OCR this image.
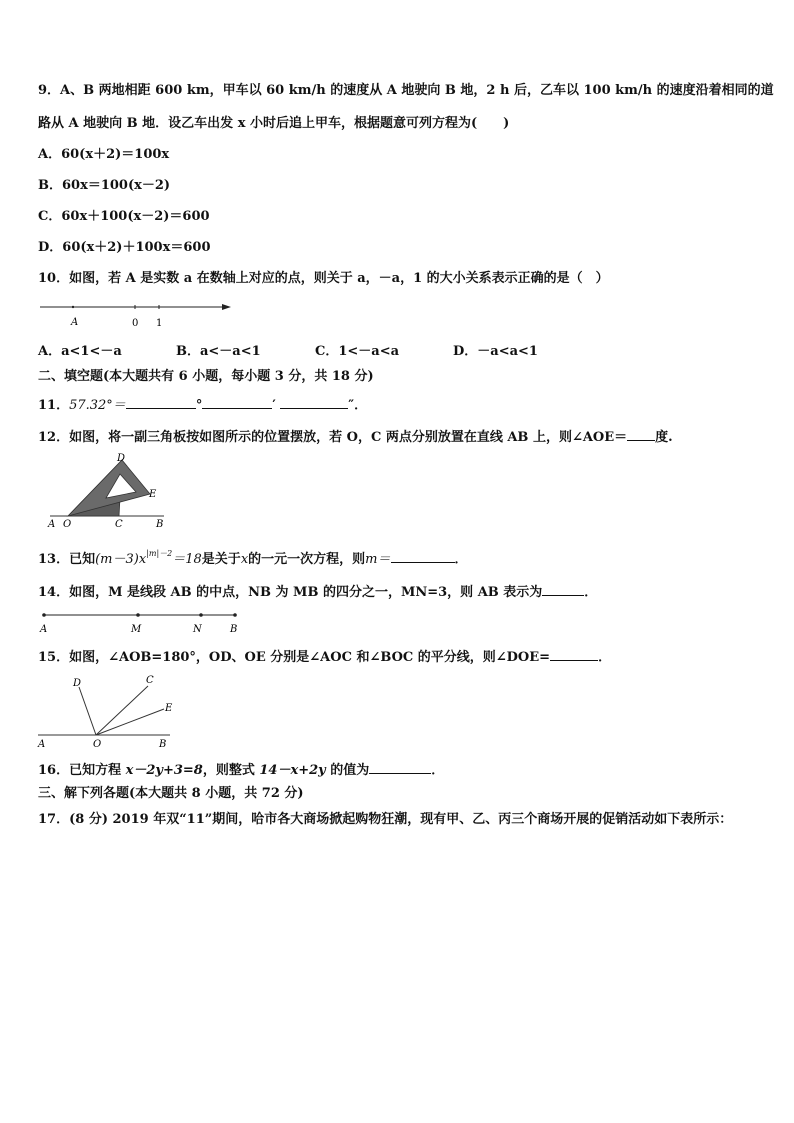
9．A、B 两地相距 600 km，甲车以 60 km/h 的速度从 A 地驶向 B 地，2 h 后，乙车以 100 km/h 的速度沿着相同的道
路从 A 地驶向 B 地．设乙车出发 x 小时后追上甲车，根据题意可列方程为(　　)
A．60(x＋2)＝100x
B．60x＝100(x－2)
C．60x＋100(x－2)＝600
D．60(x＋2)＋100x＝600
10．如图，若 A 是实数 a 在数轴上对应的点，则关于 a，－a，1 的大小关系表示正确的是（　）
A	0 1
A．a<1<－a	B．a<－a<1	C．1<－a<a	D．－a<a<1
二、填空题(本大题共有 6 小题，每小题 3 分，共 18 分)
11．57.32°＝	°	′	″．
12．如图，将一副三角板按如图所示的位置摆放，若 O，C 两点分别放置在直线 AB 上，则∠AOE＝ 度.
D
E
A O	C	B
13．已知$(m-3)x^{|m|-2}=18$是关于x的一元一次方程，则m＝	．
14．如图，M 是线段 AB 的中点，NB 为 MB 的四分之一，MN=3，则 AB 表示为	．
A	M	N	B
15．如图，∠AOB=180°，OD、OE 分别是∠AOC 和∠BOC 的平分线，则∠DOE=	．
D	C
E
A	O	B
16．已知方程 x－2y+3=8，则整式 14－x+2y 的值为	．
三、解下列各题(本大题共 8 小题，共 72 分)
17．(8 分) 2019 年双“11”期间，哈市各大商场掀起购物狂潮，现有甲、乙、丙三个商场开展的促销活动如下表所示：
